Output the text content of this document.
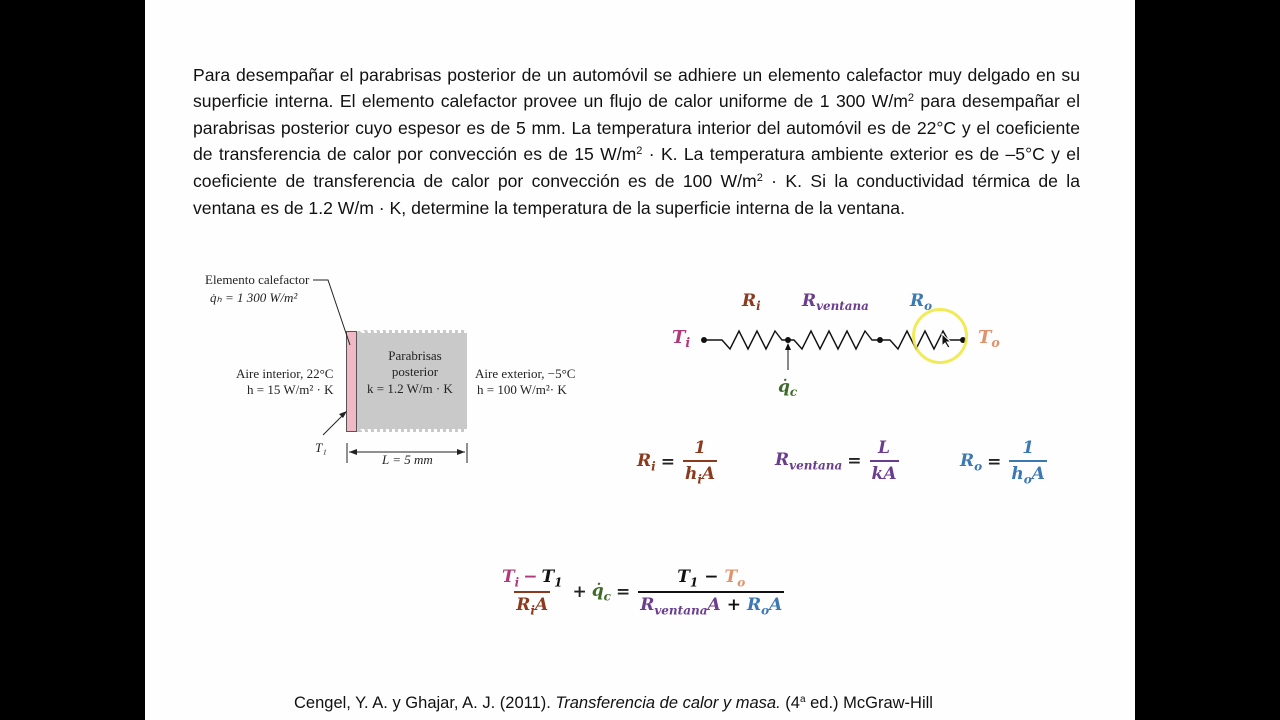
Para desempañar el parabrisas posterior de un automóvil se adhiere un elemento calefactor muy delgado en su superficie interna. El elemento calefactor provee un flujo de calor uniforme de 1 300 $W/m^2$ para desempañar el parabrisas posterior cuyo espesor es de 5 mm. La temperatura interior del automóvil es de 22°C y el coeficiente de transferencia de calor por convección es de 15 $W/m^2 \cdot K$. La temperatura ambiente exterior es de –5°C y el coeficiente de transferencia de calor por convección es de 100 $W/m^2 \cdot K$. Si la conductividad térmica de la ventana es de 1.2 W/m · K, determine la temperatura de la superficie interna de la ventana.

Elemento calefactor
q̇ₕ = 1 300 W/m²
Parabrisas
posterior
k = 1.2 W/m · K
Aire interior, 22°C
h = 15 W/m² · K
Aire exterior, −5°C
h = 100 W/m²· K
T₁
L = 5 mm
$R_i$ $R_{ventana}$ $R_o$
$T_i$	$T_o$
$q̇_c$
$R_i = \frac{1}{h_iA}$	$R_{ventana} = \frac{L}{kA}$	$R_o = \frac{1}{h_oA}$
$\frac{T_i - T_1}{R_iA}$ + $q̇_c = \frac{T_1 - T_o}{R_{ventana}A + R_oA}$
Cengel, Y. A. y Ghajar, A. J. (2011). Transferencia de calor y masa. (4$^a$ ed.) McGraw-Hill
